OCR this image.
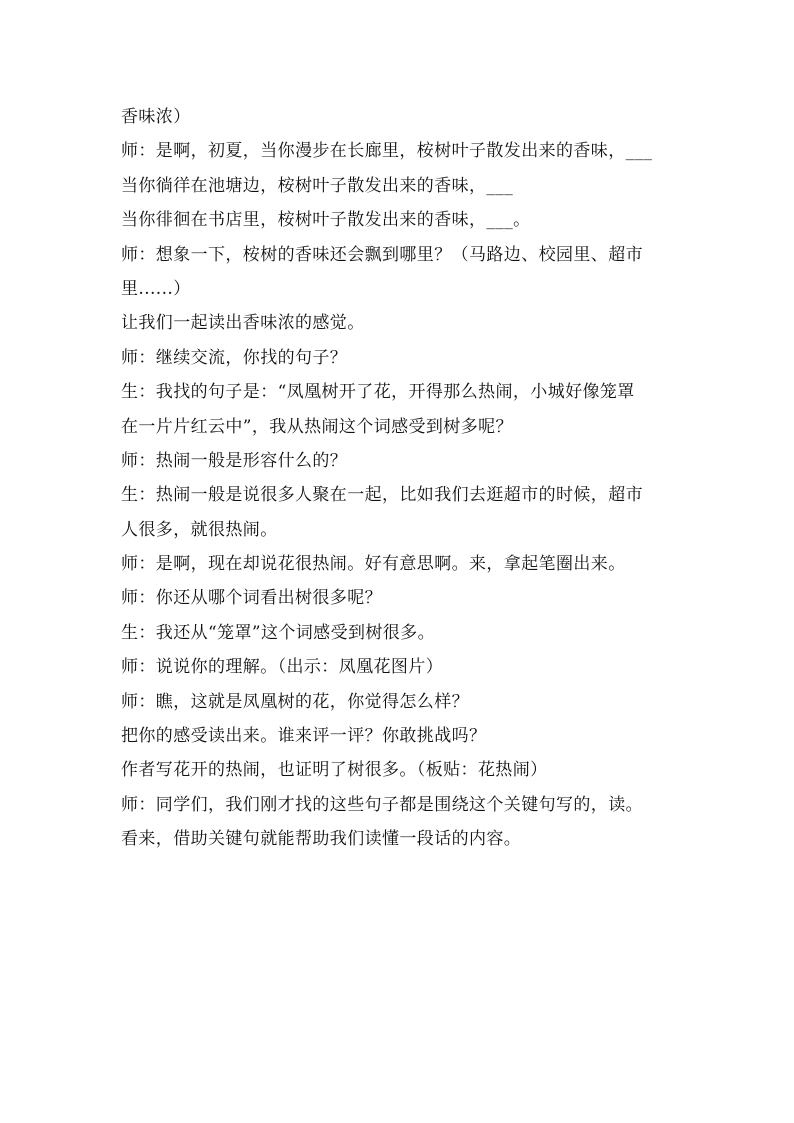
香味浓）
师：是啊，初夏，当你漫步在长廊里，桉树叶子散发出来的香味，___
当你徜徉在池塘边，桉树叶子散发出来的香味，___
当你徘徊在书店里，桉树叶子散发出来的香味，___。
师：想象一下，桉树的香味还会飘到哪里？（马路边、校园里、超市
里......）
让我们一起读出香味浓的感觉。
师：继续交流，你找的句子？
生：我找的句子是：“凤凰树开了花，开得那么热闹，小城好像笼罩
在一片片红云中”，我从热闹这个词感受到树多呢？
师：热闹一般是形容什么的？
生：热闹一般是说很多人聚在一起，比如我们去逛超市的时候，超市
人很多，就很热闹。
师：是啊，现在却说花很热闹。好有意思啊。来，拿起笔圈出来。
师：你还从哪个词看出树很多呢？
生：我还从“笼罩”这个词感受到树很多。
师：说说你的理解。（出示：凤凰花图片）
师：瞧，这就是凤凰树的花，你觉得怎么样？
把你的感受读出来。谁来评一评？你敢挑战吗？
作者写花开的热闹，也证明了树很多。（板贴：花热闹）
师：同学们，我们刚才找的这些句子都是围绕这个关键句写的，读。
看来，借助关键句就能帮助我们读懂一段话的内容。
